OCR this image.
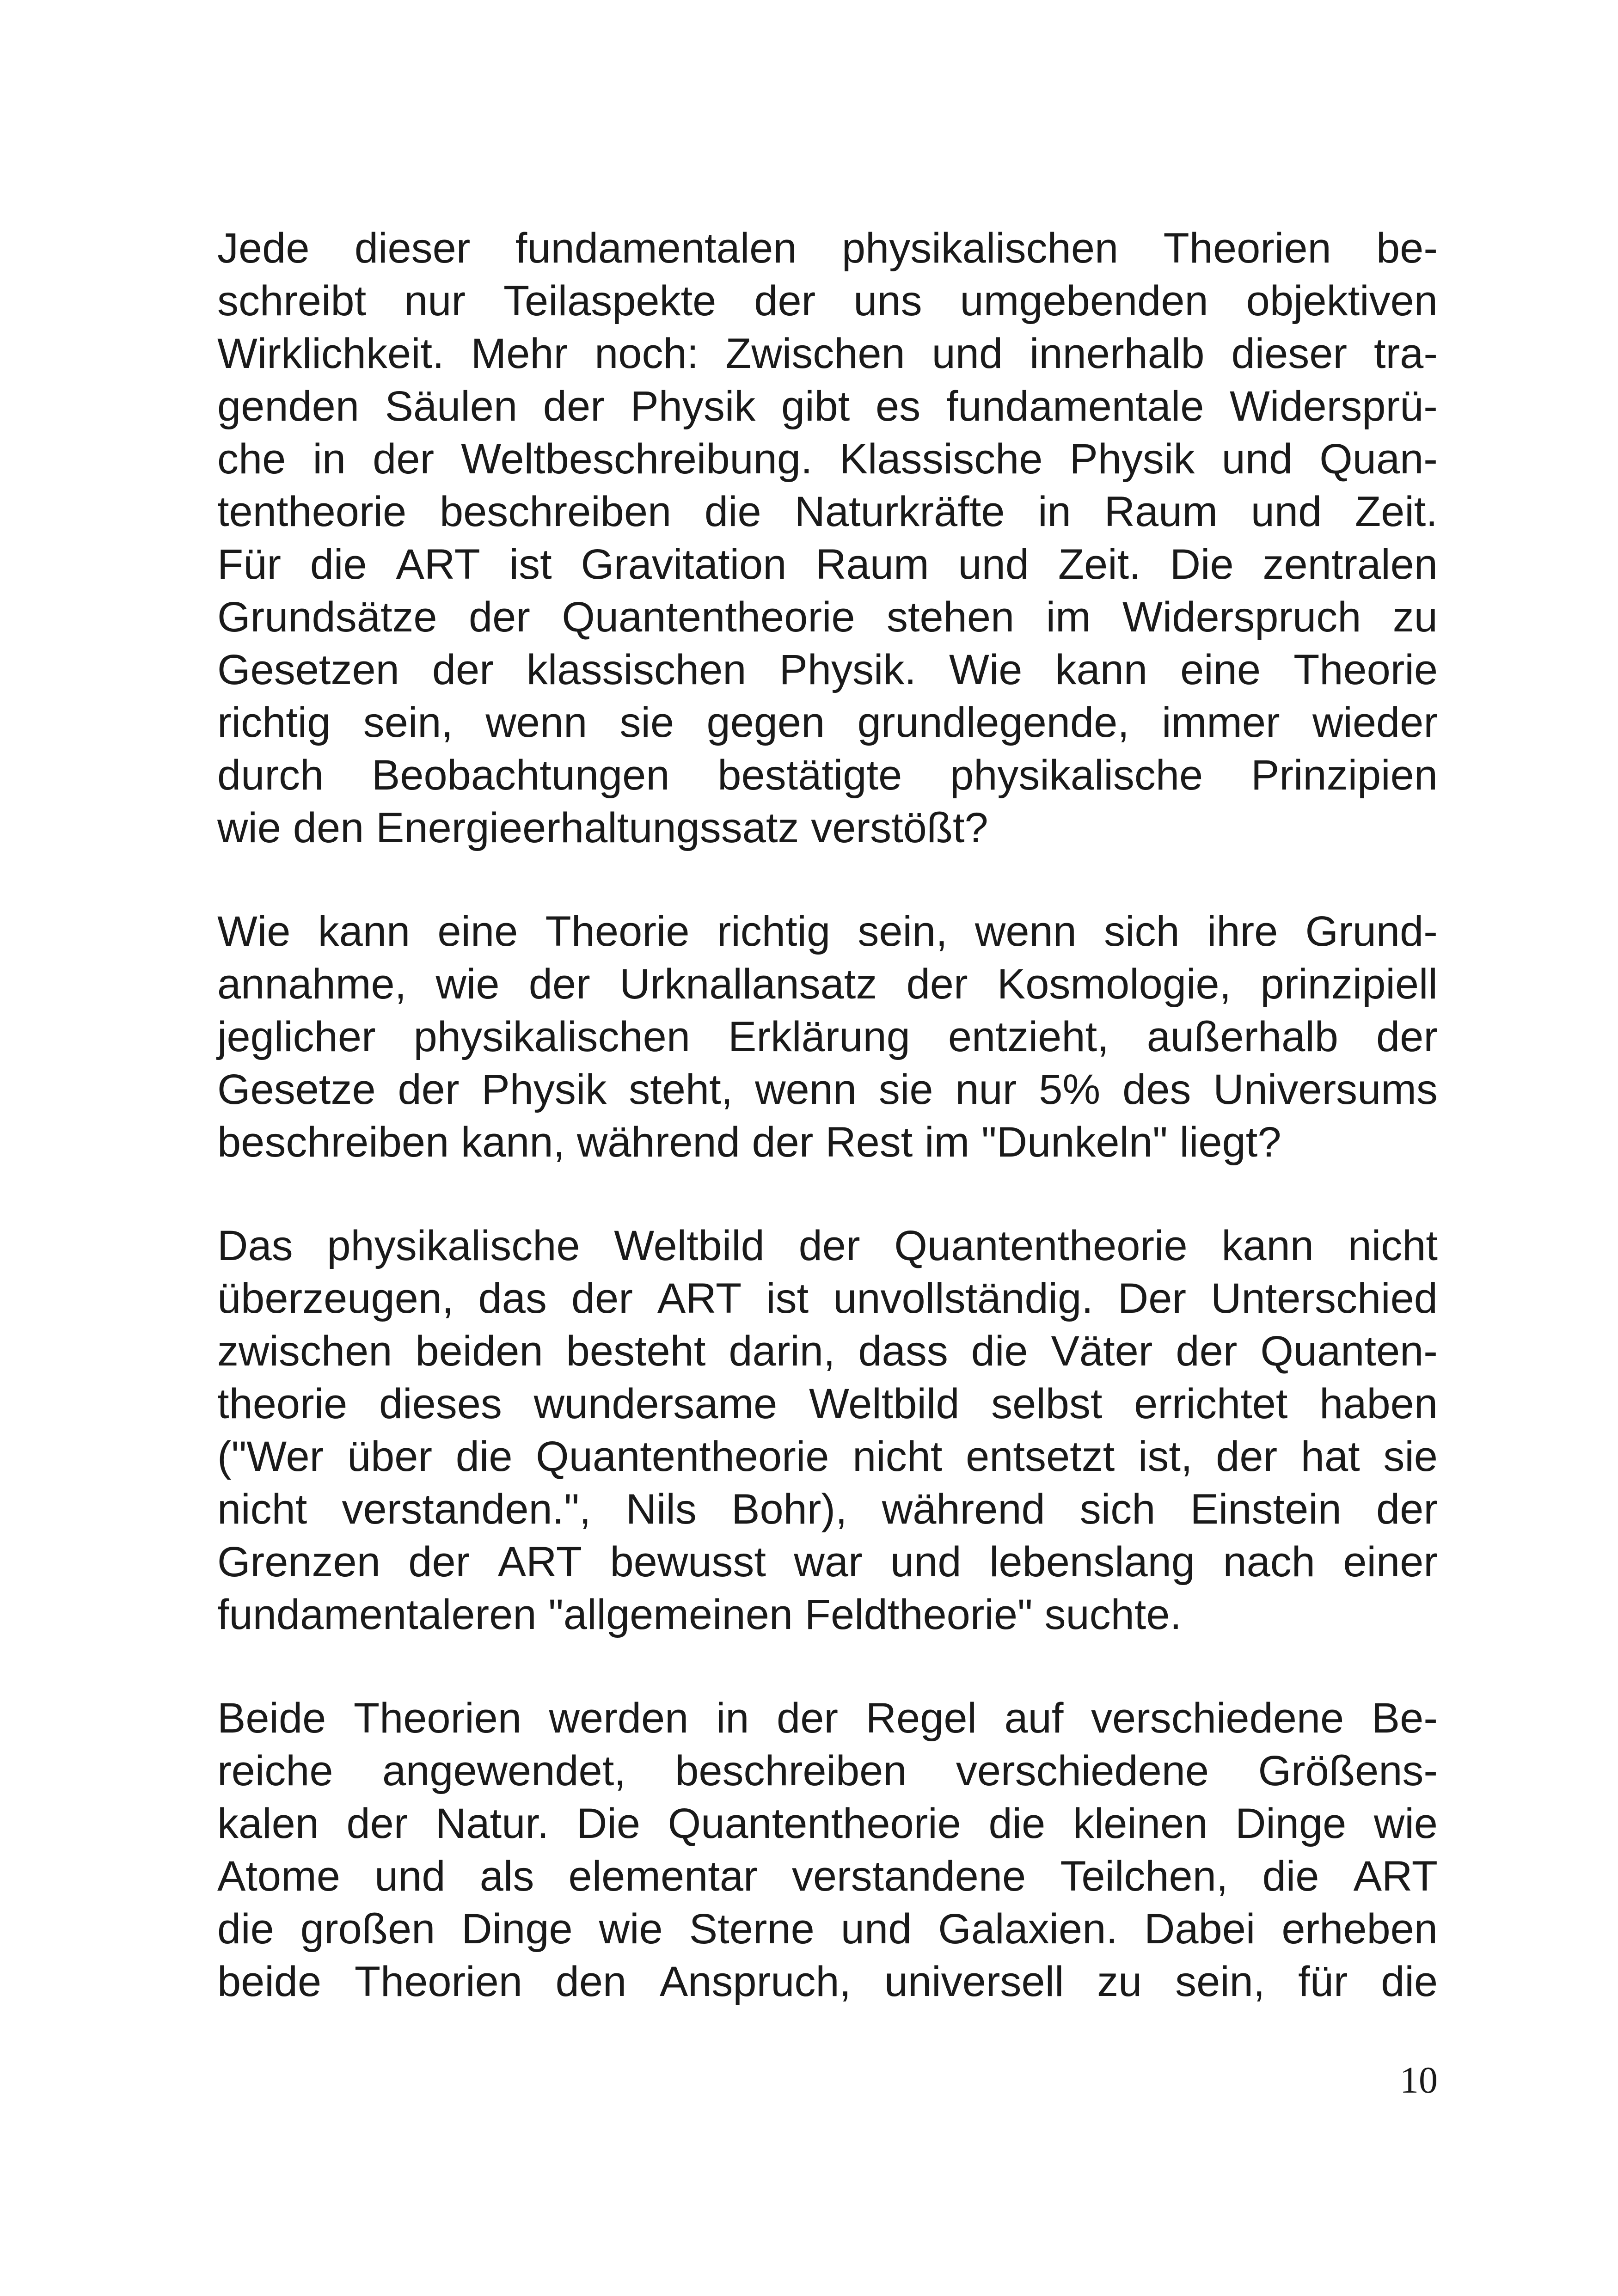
Jede dieser fundamentalen physikalischen Theorien be-
schreibt nur Teilaspekte der uns umgebenden objektiven
Wirklichkeit. Mehr noch: Zwischen und innerhalb dieser tra-
genden Säulen der Physik gibt es fundamentale Widersprü-
che in der Weltbeschreibung. Klassische Physik und Quan-
tentheorie beschreiben die Naturkräfte in Raum und Zeit.
Für die ART ist Gravitation Raum und Zeit. Die zentralen
Grundsätze der Quantentheorie stehen im Widerspruch zu
Gesetzen der klassischen Physik. Wie kann eine Theorie
richtig sein, wenn sie gegen grundlegende, immer wieder
durch Beobachtungen bestätigte physikalische Prinzipien
wie den Energieerhaltungssatz verstößt?
Wie kann eine Theorie richtig sein, wenn sich ihre Grund-
annahme, wie der Urknallansatz der Kosmologie, prinzipiell
jeglicher physikalischen Erklärung entzieht, außerhalb der
Gesetze der Physik steht, wenn sie nur 5% des Universums
beschreiben kann, während der Rest im "Dunkeln" liegt?
Das physikalische Weltbild der Quantentheorie kann nicht
überzeugen, das der ART ist unvollständig. Der Unterschied
zwischen beiden besteht darin, dass die Väter der Quanten-
theorie dieses wundersame Weltbild selbst errichtet haben
("Wer über die Quantentheorie nicht entsetzt ist, der hat sie
nicht verstanden.", Nils Bohr), während sich Einstein der
Grenzen der ART bewusst war und lebenslang nach einer
fundamentaleren "allgemeinen Feldtheorie" suchte.
Beide Theorien werden in der Regel auf verschiedene Be-
reiche angewendet, beschreiben verschiedene Größens-
kalen der Natur. Die Quantentheorie die kleinen Dinge wie
Atome und als elementar verstandene Teilchen, die ART
die großen Dinge wie Sterne und Galaxien. Dabei erheben
beide Theorien den Anspruch, universell zu sein, für die
10
